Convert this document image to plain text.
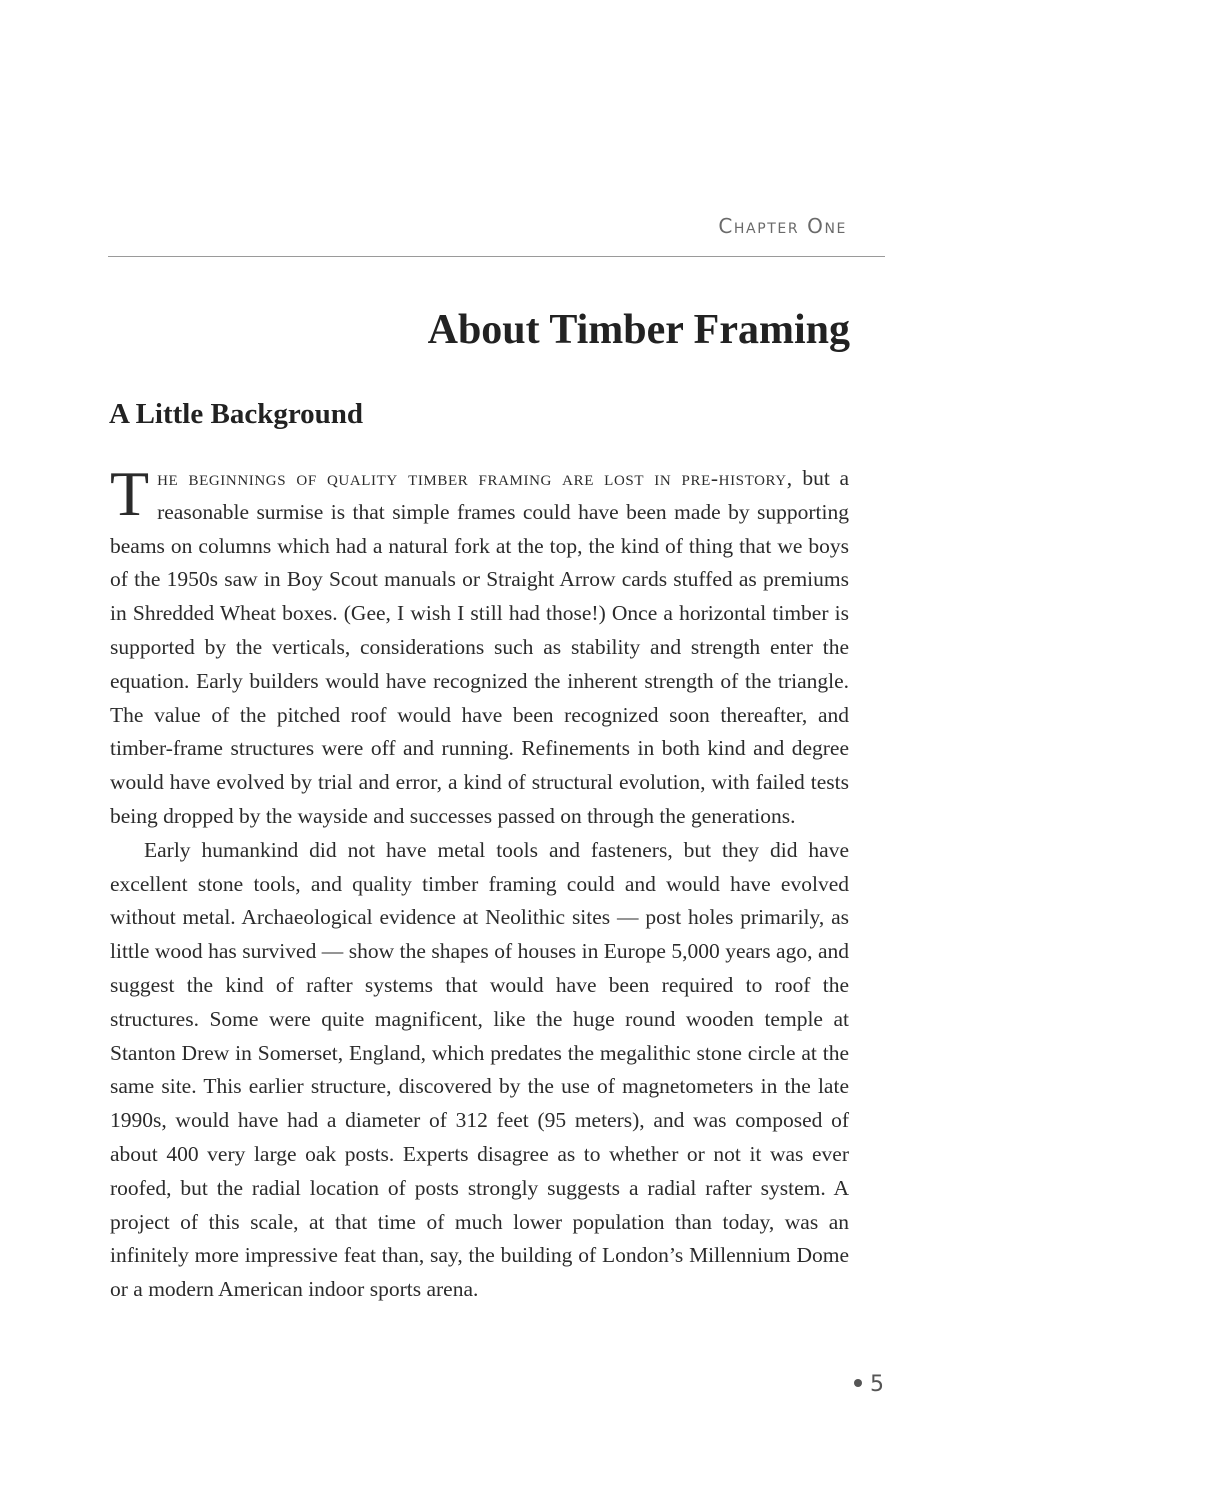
Chapter One
About Timber Framing
A Little Background

The beginnings of quality timber framing are lost in pre-history, but a reasonable surmise is that simple frames could have been made by supporting beams on columns which had a natural fork at the top, the kind of thing that we boys of the 1950s saw in Boy Scout manuals or Straight Arrow cards stuffed as premiums in Shredded Wheat boxes. (Gee, I wish I still had those!) Once a horizontal timber is supported by the verticals, considerations such as stability and strength enter the equation. Early builders would have recognized the inherent strength of the triangle. The value of the pitched roof would have been recognized soon thereafter, and timber-frame structures were off and running. Refinements in both kind and degree would have evolved by trial and error, a kind of structural evolution, with failed tests being dropped by the wayside and successes passed on through the generations.

Early humankind did not have metal tools and fasteners, but they did have excellent stone tools, and quality timber framing could and would have evolved without metal. Archaeological evidence at Neolithic sites — post holes primarily, as little wood has survived — show the shapes of houses in Europe 5,000 years ago, and suggest the kind of rafter systems that would have been required to roof the structures. Some were quite magnificent, like the huge round wooden temple at Stanton Drew in Somerset, England, which predates the megalithic stone circle at the same site. This earlier structure, discovered by the use of magnetometers in the late 1990s, would have had a diameter of 312 feet (95 meters), and was composed of about 400 very large oak posts. Experts disagree as to whether or not it was ever roofed, but the radial location of posts strongly suggests a radial rafter system. A project of this scale, at that time of much lower population than today, was an infinitely more impressive feat than, say, the building of London’s Millennium Dome or a modern American indoor sports arena.

5
